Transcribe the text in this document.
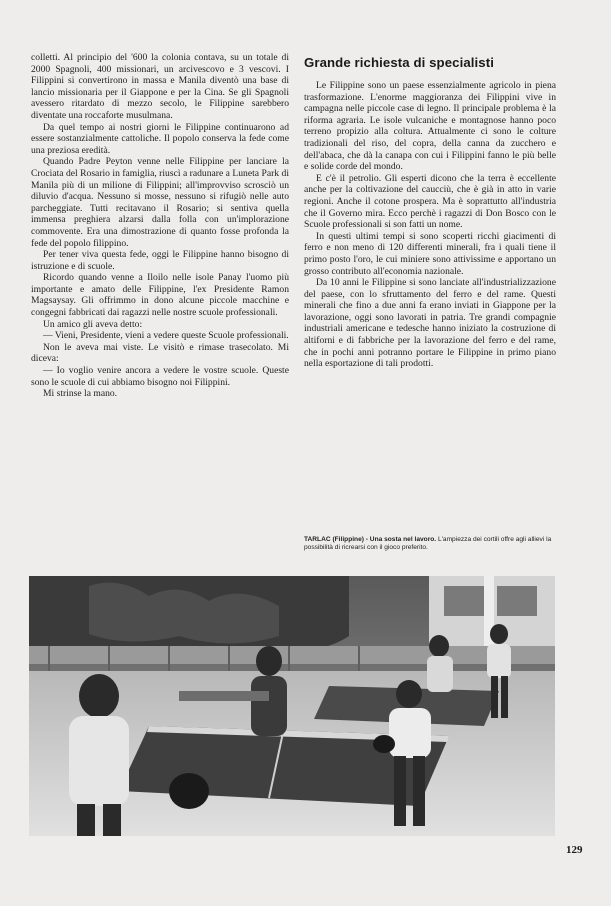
colletti. Al principio del '600 la colonia contava, su un totale di 2000 Spagnoli, 400 missionari, un arcivescovo e 3 vescovi. I Filippini si convertirono in massa e Manila diventò una base di lancio missionaria per il Giappone e per la Cina. Se gli Spagnoli avessero ritardato di mezzo secolo, le Filippine sarebbero diventate una roccaforte musulmana.

Da quel tempo ai nostri giorni le Filippine continuarono ad essere sostanzialmente cattoliche. Il popolo conserva la fede come una preziosa eredità.

Quando Padre Peyton venne nelle Filippine per lanciare la Crociata del Rosario in famiglia, riuscì a radunare a Luneta Park di Manila più di un milione di Filippini; all'improvviso scrosciò un diluvio d'acqua. Nessuno si mosse, nessuno si rifugiò nelle auto parcheggiate. Tutti recitavano il Rosario; si sentiva quella immensa preghiera alzarsi dalla folla con un'implorazione commovente. Era una dimostrazione di quanto fosse profonda la fede del popolo filippino.

Per tener viva questa fede, oggi le Filippine hanno bisogno di istruzione e di scuole.

Ricordo quando venne a Iloilo nelle isole Panay l'uomo più importante e amato delle Filippine, l'ex Presidente Ramon Magsaysay. Gli offrimmo in dono alcune piccole macchine e congegni fabbricati dai ragazzi nelle nostre scuole professionali.

Un amico gli aveva detto:

— Vieni, Presidente, vieni a vedere queste Scuole professionali.

Non le aveva mai viste. Le visitò e rimase trasecolato. Mi diceva:

— Io voglio venire ancora a vedere le vostre scuole. Queste sono le scuole di cui abbiamo bisogno noi Filippini.

Mi strinse la mano.

Grande richiesta di specialisti

Le Filippine sono un paese essenzialmente agricolo in piena trasformazione. L'enorme maggioranza dei Filippini vive in campagna nelle piccole case di legno. Il principale problema è la riforma agraria. Le isole vulcaniche e montagnose hanno poco terreno propizio alla coltura. Attualmente ci sono le colture tradizionali del riso, del copra, della canna da zucchero e dell'abaca, che dà la canapa con cui i Filippini fanno le più belle e solide corde del mondo.

E c'è il petrolio. Gli esperti dicono che la terra è eccellente anche per la coltivazione del caucciù, che è già in atto in varie regioni. Anche il cotone prospera. Ma è soprattutto all'industria che il Governo mira. Ecco perchè i ragazzi di Don Bosco con le Scuole professionali si son fatti un nome.

In questi ultimi tempi si sono scoperti ricchi giacimenti di ferro e non meno di 120 differenti minerali, fra i quali tiene il primo posto l'oro, le cui miniere sono attivissime e apportano un grosso contributo all'economia nazionale.

Da 10 anni le Filippine si sono lanciate all'industrializzazione del paese, con lo sfruttamento del ferro e del rame. Questi minerali che fino a due anni fa erano inviati in Giappone per la lavorazione, oggi sono lavorati in patria. Tre grandi compagnie industriali americane e tedesche hanno iniziato la costruzione di altiforni e di fabbriche per la lavorazione del ferro e del rame, che in pochi anni potranno portare le Filippine in primo piano nella esportazione di tali prodotti.

TARLAC (Filippine) - Una sosta nel lavoro. L'ampiezza dei cortili offre agli allievi la possibilità di ricrearsi con il gioco preferito.

129
